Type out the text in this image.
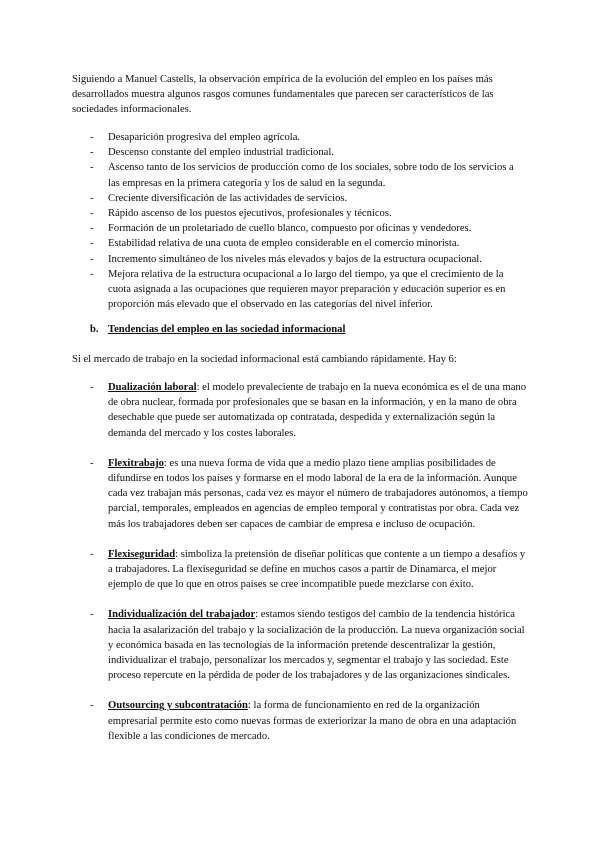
Siguiendo a Manuel Castells, la observación empírica de la evolución del empleo en los países más desarrollados muestra algunos rasgos comunes fundamentales que parecen ser característicos de las sociedades informacionales.

- Desaparición progresiva del empleo agrícola.
- Descenso constante del empleo industrial tradicional.
- Ascenso tanto de los servicios de producción como de los sociales, sobre todo de los servicios a las empresas en la primera categoría y los de salud en la segunda.
- Creciente diversificación de las actividades de servicios.
- Rápido ascenso de los puestos ejecutivos, profesionales y técnicos.
- Formación de un proletariado de cuello blanco, compuesto por oficinas y vendedores.
- Estabilidad relativa de una cuota de empleo considerable en el comercio minorista.
- Incremento simultáneo de los niveles más elevados y bajos de la estructura ocupacional.
- Mejora relativa de la estructura ocupacional a lo largo del tiempo, ya que el crecimiento de la cuota asignada a las ocupaciones que requieren mayor preparación y educación superior es en proporción más elevado que el observado en las categorías del nivel inferior.

b. Tendencias del empleo en las sociedad informacional

Si el mercado de trabajo en la sociedad informacional está cambiando rápidamente. Hay 6:

- Dualización laboral: el modelo prevaleciente de trabajo en la nueva económica es el de una mano de obra nuclear, formada por profesionales que se basan en la información, y en la mano de obra desechable que puede ser automatizada op contratada, despedida y externalización según la demanda del mercado y los costes laborales.
- Flexitrabajo: es una nueva forma de vida que a medio plazo tiene amplias posibilidades de difundirse en todos los países y formarse en el modo laboral de la era de la información. Aunque cada vez trabajan más personas, cada vez es mayor el número de trabajadores autónomos, a tiempo parcial, temporales, empleados en agencias de empleo temporal y contratistas por obra. Cada vez más los trabajadores deben ser capaces de cambiar de empresa e incluso de ocupación.
- Flexiseguridad: simboliza la pretensión de diseñar políticas que contente a un tiempo a desafíos y a trabajadores. La flexiseguridad se define en muchos casos a partir de Dinamarca, el mejor ejemplo de que lo que en otros países se cree incompatible puede mezclarse con éxito.
- Individualización del trabajador: estamos siendo testigos del cambio de la tendencia histórica hacia la asalarización del trabajo y la socialización de la producción. La nueva organización social y económica basada en las tecnologías de la información pretende descentralizar la gestión, individualizar el trabajo, personalizar los mercados y, segmentar el trabajo y las sociedad. Este proceso repercute en la pérdida de poder de los trabajadores y de las organizaciones sindicales.
- Outsourcing y subcontratación: la forma de funcionamiento en red de la organización empresarial permite esto como nuevas formas de exteriorizar la mano de obra en una adaptación flexible a las condiciones de mercado.
